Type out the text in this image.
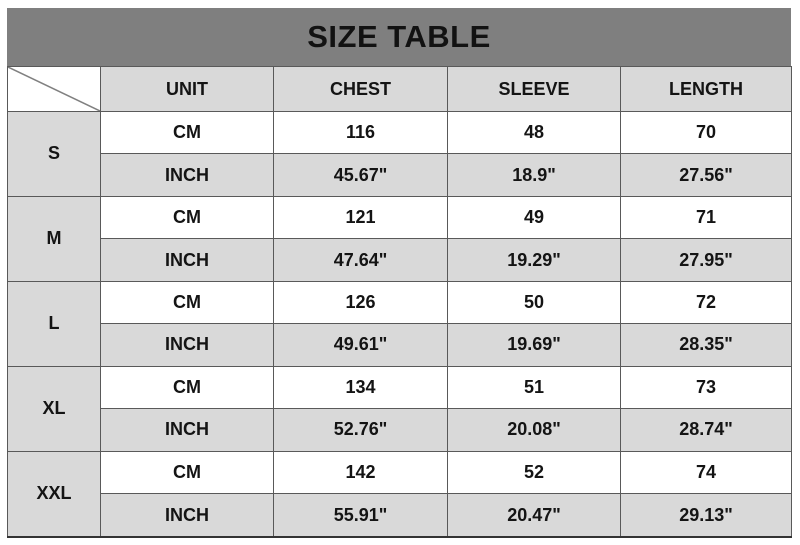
SIZE TABLE
	UNIT	CHEST	SLEEVE	LENGTH
S	CM	116	48	70
	INCH	45.67"	18.9"	27.56"
M	CM	121	49	71
	INCH	47.64"	19.29"	27.95"
L	CM	126	50	72
	INCH	49.61"	19.69"	28.35"
XL	CM	134	51	73
	INCH	52.76"	20.08"	28.74"
XXL	CM	142	52	74
	INCH	55.91"	20.47"	29.13"
